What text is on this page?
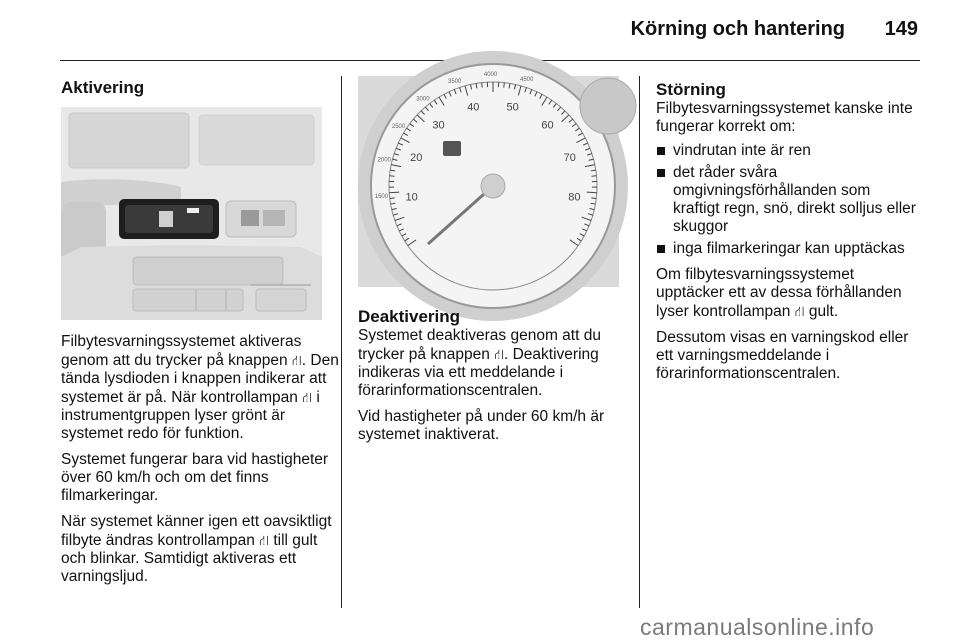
Körning och hantering	149
Aktivering

Filbytesvarningssystemet aktiveras genom att du trycker på knappen ⛙. Den tända lysdioden i knappen indikerar att systemet är på. När kontrollampan ⛙ i instrumentgruppen lyser grönt är systemet redo för funktion.

Systemet fungerar bara vid hastigheter över 60 km/h och om det finns filmarkeringar.

När systemet känner igen ett oavsiktligt filbyte ändras kontrollampan ⛙ till gult och blinkar. Samtidigt aktiveras ett varningsljud.

10
20
30
40 50
60
70
80
1500
2000
2500
3000
3500
4000
4500
Deaktivering

Systemet deaktiveras genom att du trycker på knappen ⛙. Deaktivering indikeras via ett meddelande i förarinformationscentralen.

Vid hastigheter på under 60 km/h är systemet inaktiverat.

Störning

Filbytesvarningssystemet kanske inte fungerar korrekt om:

vindrutan inte är ren
det råder svåra omgivningsförhållanden som kraftigt regn, snö, direkt solljus eller skuggor
inga filmarkeringar kan upptäckas

Om filbytesvarningssystemet upptäcker ett av dessa förhållanden lyser kontrollampan ⛙ gult.

Dessutom visas en varningskod eller ett varningsmeddelande i förarinformationscentralen.

carmanualsonline.info
